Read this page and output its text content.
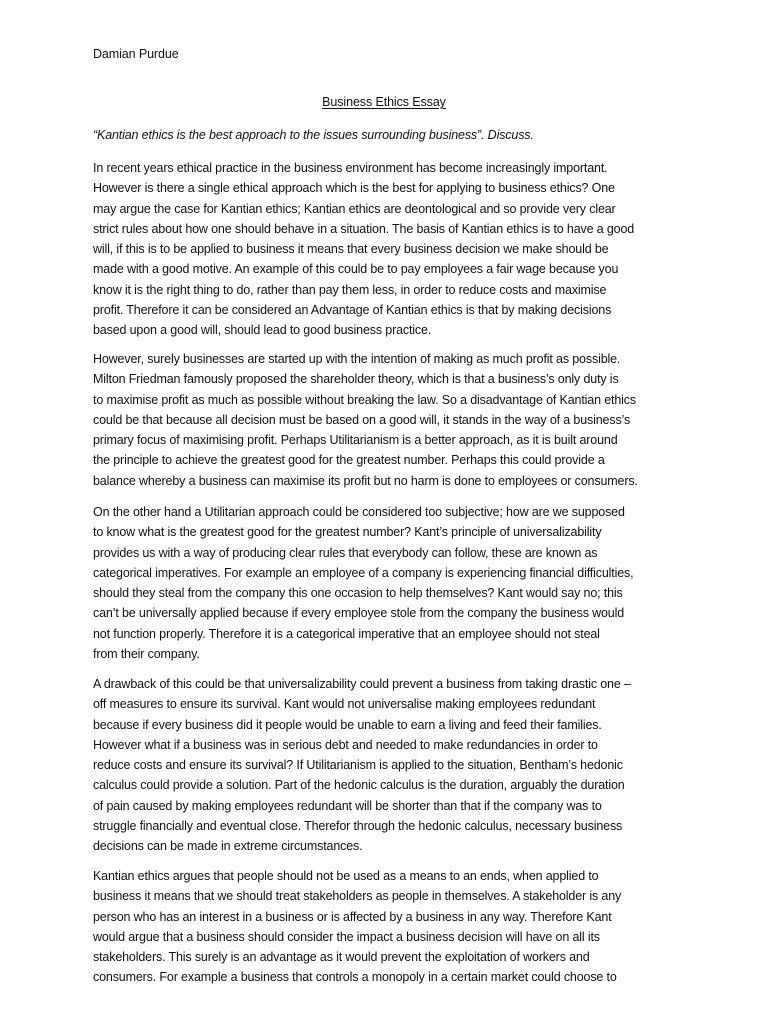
Damian Purdue
Business Ethics Essay
“Kantian ethics is the best approach to the issues surrounding business”. Discuss.
In recent years ethical practice in the business environment has become increasingly important.
However is there a single ethical approach which is the best for applying to business ethics? One
may argue the case for Kantian ethics; Kantian ethics are deontological and so provide very clear
strict rules about how one should behave in a situation. The basis of Kantian ethics is to have a good
will, if this is to be applied to business it means that every business decision we make should be
made with a good motive. An example of this could be to pay employees a fair wage because you
know it is the right thing to do, rather than pay them less, in order to reduce costs and maximise
profit. Therefore it can be considered an Advantage of Kantian ethics is that by making decisions
based upon a good will, should lead to good business practice.
However, surely businesses are started up with the intention of making as much profit as possible.
Milton Friedman famously proposed the shareholder theory, which is that a business’s only duty is
to maximise profit as much as possible without breaking the law. So a disadvantage of Kantian ethics
could be that because all decision must be based on a good will, it stands in the way of a business’s
primary focus of maximising profit. Perhaps Utilitarianism is a better approach, as it is built around
the principle to achieve the greatest good for the greatest number. Perhaps this could provide a
balance whereby a business can maximise its profit but no harm is done to employees or consumers.
On the other hand a Utilitarian approach could be considered too subjective; how are we supposed
to know what is the greatest good for the greatest number? Kant’s principle of universalizability
provides us with a way of producing clear rules that everybody can follow, these are known as
categorical imperatives. For example an employee of a company is experiencing financial difficulties,
should they steal from the company this one occasion to help themselves? Kant would say no; this
can’t be universally applied because if every employee stole from the company the business would
not function properly. Therefore it is a categorical imperative that an employee should not steal
from their company.
A drawback of this could be that universalizability could prevent a business from taking drastic one –
off measures to ensure its survival. Kant would not universalise making employees redundant
because if every business did it people would be unable to earn a living and feed their families.
However what if a business was in serious debt and needed to make redundancies in order to
reduce costs and ensure its survival? If Utilitarianism is applied to the situation, Bentham’s hedonic
calculus could provide a solution. Part of the hedonic calculus is the duration, arguably the duration
of pain caused by making employees redundant will be shorter than that if the company was to
struggle financially and eventual close. Therefor through the hedonic calculus, necessary business
decisions can be made in extreme circumstances.
Kantian ethics argues that people should not be used as a means to an ends, when applied to
business it means that we should treat stakeholders as people in themselves. A stakeholder is any
person who has an interest in a business or is affected by a business in any way. Therefore Kant
would argue that a business should consider the impact a business decision will have on all its
stakeholders. This surely is an advantage as it would prevent the exploitation of workers and
consumers. For example a business that controls a monopoly in a certain market could choose to
